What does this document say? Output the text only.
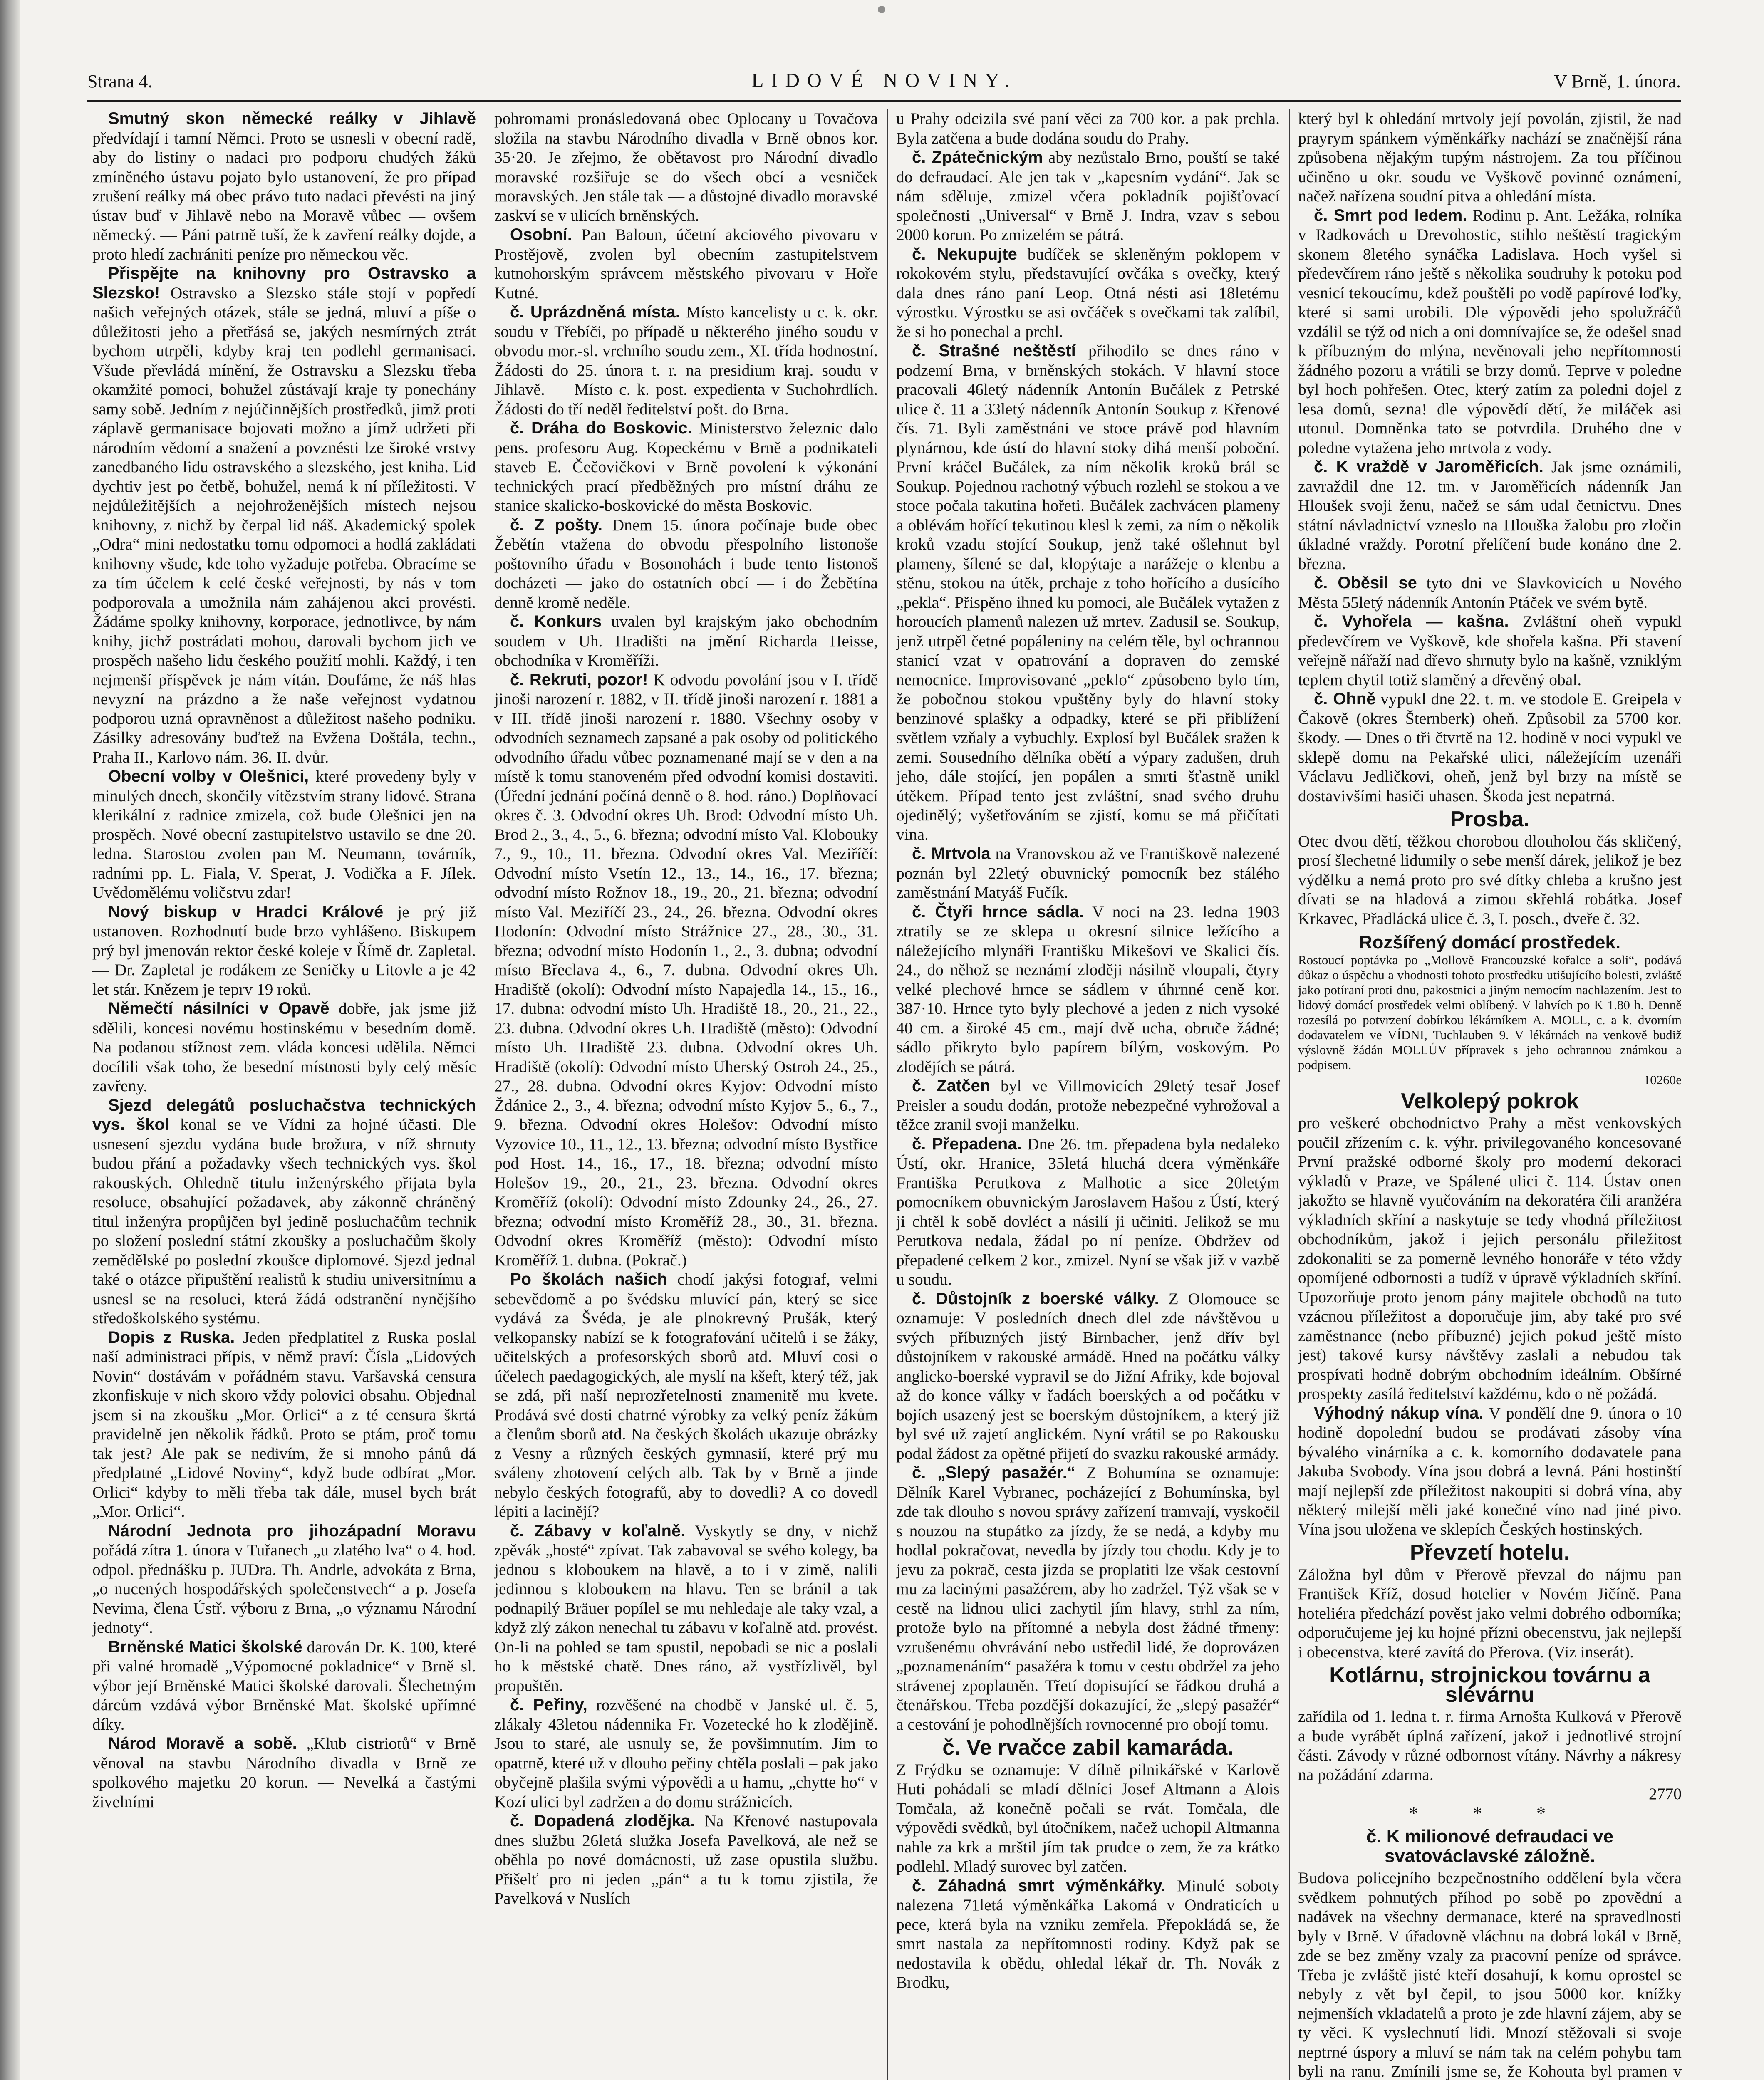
Strana 4.	LIDOVÉ NOVINY.	V Brně, 1. února.

Smutný skon německé reálky v Jihlavě předvídají i tamní Němci. Proto se usnesli v obecní radě, aby do listiny o nadaci pro podporu chudých žáků zmíněného ústavu pojato bylo ustanovení, že pro případ zrušení reálky má obec právo tuto nadaci převésti na jiný ústav buď v Jihlavě nebo na Moravě vůbec — ovšem německý. — Páni patrně tuší, že k zavření reálky dojde, a proto hledí zachrániti peníze pro německou věc.

Přispějte na knihovny pro Ostravsko a Slezsko! Ostravsko a Slezsko stále stojí v popředí našich veřejných otázek, stále se jedná, mluví a píše o důležitosti jeho a přetřásá se, jakých nesmírných ztrát bychom utrpěli, kdyby kraj ten podlehl germanisaci. Všude převládá mínění, že Ostravsku a Slezsku třeba okamžité pomoci, bohužel zůstávají kraje ty ponechány samy sobě. Jedním z nejúčinnějších prostředků, jimž proti záplavě germanisace bojovati možno a jímž udržeti při národním vědomí a snažení a povznésti lze široké vrstvy zanedbaného lidu ostravského a slezského, jest kniha. Lid dychtiv jest po četbě, bohužel, nemá k ní příležitosti. V nejdůležitějších a nejohroženějších místech nejsou knihovny, z nichž by čerpal lid náš. Akademický spolek „Odra“ mini nedostatku tomu odpomoci a hodlá zakládati knihovny všude, kde toho vyžaduje potřeba. Obracíme se za tím účelem k celé české veřejnosti, by nás v tom podporovala a umožnila nám zahájenou akci provésti. Žádáme spolky knihovny, korporace, jednotlivce, by nám knihy, jichž postrádati mohou, darovali bychom jich ve prospěch našeho lidu českého použití mohli. Každý, i ten nejmenší příspěvek je nám vítán. Doufáme, že náš hlas nevyzní na prázdno a že naše veřejnost vydatnou podporou uzná opravněnost a důležitost našeho podniku. Zásilky adresovány buďtež na Evžena Doštála, techn., Praha II., Karlovo nám. 36. II. dvůr.

Obecní volby v Olešnici, které provedeny byly v minulých dnech, skončily vítězstvím strany lidové. Strana klerikální z radnice zmizela, což bude Olešnici jen na prospěch. Nové obecní zastupitelstvo ustavilo se dne 20. ledna. Starostou zvolen pan M. Neumann, továrník, radními pp. L. Fiala, V. Sperat, J. Vodička a F. Jílek. Uvědomělému voličstvu zdar!

Nový biskup v Hradci Králové je prý již ustanoven. Rozhodnutí bude brzo vyhlášeno. Biskupem prý byl jmenován rektor české koleje v Římě dr. Zapletal. — Dr. Zapletal je rodákem ze Seničky u Litovle a je 42 let stár. Knězem je teprv 19 roků.

Němečtí násilníci v Opavě dobře, jak jsme již sdělili, koncesi novému hostinskému v besedním domě. Na podanou stížnost zem. vláda koncesi udělila. Němci docílili však toho, že besední místnosti byly celý měsíc zavřeny.

Sjezd delegátů posluchačstva technických vys. škol konal se ve Vídni za hojné účasti. Dle usnesení sjezdu vydána bude brožura, v níž shrnuty budou přání a požadavky všech technických vys. škol rakouských. Ohledně titulu inženýrského přijata byla resoluce, obsahující požadavek, aby zákonně chráněný titul inženýra propůjčen byl jedině posluchačům technik po složení poslední státní zkoušky a posluchačům školy zemědělské po poslední zkoušce diplomové. Sjezd jednal také o otázce připuštění realistů k studiu universitnímu a usnesl se na resoluci, která žádá odstranění nynějšího středoškolského systému.

Dopis z Ruska. Jeden předplatitel z Ruska poslal naší administraci přípis, v němž praví: Čísla „Lidových Novin“ dostávám v pořádném stavu. Varšavská censura zkonfiskuje v nich skoro vždy polovici obsahu. Objednal jsem si na zkoušku „Mor. Orlici“ a z té censura škrtá pravidelně jen několik řádků. Proto se ptám, proč tomu tak jest? Ale pak se nedivím, že si mnoho pánů dá předplatné „Lidové Noviny“, když bude odbírat „Mor. Orlici“ kdyby to měli třeba tak dále, musel bych brát „Mor. Orlici“.

Národní Jednota pro jihozápadní Moravu pořádá zítra 1. února v Tuřanech „u zlatého lva“ o 4. hod. odpol. přednášku p. JUDra. Th. Andrle, advokáta z Brna, „o nucených hospodářských společenstvech“ a p. Josefa Nevima, člena Ústř. výboru z Brna, „o významu Národní jednoty“.

Brněnské Matici školské darován Dr. K. 100, které při valné hromadě „Výpomocné pokladnice“ v Brně sl. výbor její Brněnské Matici školské darovali. Šlechetným dárcům vzdává výbor Brněnské Mat. školské upřímné díky.

Národ Moravě a sobě. „Klub cistriotů“ v Brně věnoval na stavbu Národního divadla v Brně ze spolkového majetku 20 korun. — Nevelká a častými živelními

pohromami pronásledovaná obec Oplocany u Tovačova složila na stavbu Národního divadla v Brně obnos kor. 35·20. Je zřejmo, že obětavost pro Národní divadlo moravské rozšiřuje se do všech obcí a vesniček moravských. Jen stále tak — a důstojné divadlo moravské zaskví se v ulicích brněnských.

Osobní. Pan Baloun, účetní akciového pivovaru v Prostějově, zvolen byl obecním zastupitelstvem kutnohorským správcem městského pivovaru v Hoře Kutné.

č. Uprázdněná místa. Místo kancelisty u c. k. okr. soudu v Třebíči, po případě u některého jiného soudu v obvodu mor.-sl. vrchního soudu zem., XI. třída hodnostní. Žádosti do 25. února t. r. na presidium kraj. soudu v Jihlavě. — Místo c. k. post. expedienta v Suchohrdlích. Žádosti do tří neděl ředitelství pošt. do Brna.

č. Dráha do Boskovic. Ministerstvo železnic dalo pens. profesoru Aug. Kopeckému v Brně a podnikateli staveb E. Čečovičkovi v Brně povolení k výkonání technických prací předběžných pro místní dráhu ze stanice skalicko-boskovické do města Boskovic.

č. Z pošty. Dnem 15. února počínaje bude obec Žebětín vtažena do obvodu přespolního listonoše poštovního úřadu v Bosonohách i bude tento listonoš docházeti — jako do ostatních obcí — i do Žebětína denně kromě neděle.

č. Konkurs uvalen byl krajským jako obchodním soudem v Uh. Hradišti na jmění Richarda Heisse, obchodníka v Kroměříži.

č. Rekruti, pozor! K odvodu povolání jsou v I. třídě jinoši narození r. 1882, v II. třídě jinoši narození r. 1881 a v III. třídě jinoši narození r. 1880. Všechny osoby v odvodních seznamech zapsané a pak osoby od politického odvodního úřadu vůbec poznamenané mají se v den a na místě k tomu stanoveném před odvodní komisi dostaviti. (Úřední jednání počíná denně o 8. hod. ráno.) Doplňovací okres č. 3. Odvodní okres Uh. Brod: Odvodní místo Uh. Brod 2., 3., 4., 5., 6. března; odvodní místo Val. Klobouky 7., 9., 10., 11. března. Odvodní okres Val. Meziříčí: Odvodní místo Vsetín 12., 13., 14., 16., 17. března; odvodní místo Rožnov 18., 19., 20., 21. března; odvodní místo Val. Meziříčí 23., 24., 26. března. Odvodní okres Hodonín: Odvodní místo Strážnice 27., 28., 30., 31. března; odvodní místo Hodonín 1., 2., 3. dubna; odvodní místo Břeclava 4., 6., 7. dubna. Odvodní okres Uh. Hradiště (okolí): Odvodní místo Napajedla 14., 15., 16., 17. dubna: odvodní místo Uh. Hradiště 18., 20., 21., 22., 23. dubna. Odvodní okres Uh. Hradiště (město): Odvodní místo Uh. Hradiště 23. dubna. Odvodní okres Uh. Hradiště (okolí): Odvodní místo Uherský Ostroh 24., 25., 27., 28. dubna. Odvodní okres Kyjov: Odvodní místo Ždánice 2., 3., 4. března; odvodní místo Kyjov 5., 6., 7., 9. března. Odvodní okres Holešov: Odvodní místo Vyzovice 10., 11., 12., 13. března; odvodní místo Bystřice pod Host. 14., 16., 17., 18. března; odvodní místo Holešov 19., 20., 21., 23. března. Odvodní okres Kroměříž (okolí): Odvodní místo Zdounky 24., 26., 27. března; odvodní místo Kroměříž 28., 30., 31. března. Odvodní okres Kroměříž (město): Odvodní místo Kroměříž 1. dubna. (Pokrač.)

Po školách našich chodí jakýsi fotograf, velmi sebevědomě a po švédsku mluvící pán, který se sice vydává za Švéda, je ale plnokrevný Prušák, který velkopansky nabízí se k fotografování učitelů i se žáky, učitelských a profesorských sborů atd. Mluví cosi o účelech paedagogických, ale myslí na kšeft, který též, jak se zdá, při naší neprozřetelnosti znamenitě mu kvete. Prodává své dosti chatrné výrobky za velký peníz žákům a členům sborů atd. Na českých školách ukazuje obrázky z Vesny a různých českých gymnasií, které prý mu sváleny zhotovení celých alb. Tak by v Brně a jinde nebylo českých fotografů, aby to dovedli? A co dovedl lépiti a lacinějí?

č. Zábavy v koľalně. Vyskytly se dny, v nichž zpěvák „hosté“ zpívat. Tak zabavoval se svého kolegy, ba jednou s kloboukem na hlavě, a to i v zimě, nalili jedinnou s kloboukem na hlavu. Ten se bránil a tak podnapilý Bräuer popílel se mu nehledaje ale taky vzal, a když zlý zákon nenechal tu zábavu v koľalně atd. provést. On-li na pohled se tam spustil, nepobadi se nic a poslali ho k městské chatě. Dnes ráno, až vystřízlivěl, byl propuštěn.

č. Peřiny, rozvěšené na chodbě v Janské ul. č. 5, zlákaly 43letou nádennika Fr. Vozetecké ho k zlodějině. Jsou to staré, ale usnuly se, že povšimnutím. Jim to opatrně, které už v dlouho peřiny chtěla poslali – pak jako obyčejně plašila svými výpovědi a u hamu, „chytte ho“ v Kozí ulici byl zadržen a do domu strážnicích.

č. Dopadená zlodějka. Na Křenové nastupovala dnes službu 26letá služka Josefa Pavelková, ale než se oběhla po nové domácnosti, už zase opustila službu. Přišelť pro ni jeden „pán“ a tu k tomu zjistila, že Pavelková v Nuslích

u Prahy odcizila své paní věci za 700 kor. a pak prchla. Byla zatčena a bude dodána soudu do Prahy.

č. Zpátečnickým aby nezůstalo Brno, pouští se také do defraudací. Ale jen tak v „kapesním vydání“. Jak se nám sděluje, zmizel včera pokladník pojišťovací společnosti „Universal“ v Brně J. Indra, vzav s sebou 2000 korun. Po zmizelém se pátrá.

č. Nekupujte budíček se skleněným poklopem v rokokovém stylu, představující ovčáka s ovečky, který dala dnes ráno paní Leop. Otná nésti asi 18letému výrostku. Výrostku se asi ovčáček s ovečkami tak zalíbil, že si ho ponechal a prchl.

č. Strašné neštěstí přihodilo se dnes ráno v podzemí Brna, v brněnských stokách. V hlavní stoce pracovali 46letý nádenník Antonín Bučálek z Petrské ulice č. 11 a 33letý nádenník Antonín Soukup z Křenové čís. 71. Byli zaměstnáni ve stoce právě pod hlavním plynárnou, kde ústí do hlavní stoky dihá menší poboční. První kráčel Bučálek, za ním několik kroků brál se Soukup. Pojednou rachotný výbuch rozlehl se stokou a ve stoce počala takutina hořeti. Bučálek zachvácen plameny a oblévám hořící tekutinou klesl k zemi, za ním o několik kroků vzadu stojící Soukup, jenž také ošlehnut byl plameny, šílené se dal, klopýtaje a narážeje o klenbu a stěnu, stokou na útěk, prchaje z toho hořícího a dusícího „pekla“. Přispěno ihned ku pomoci, ale Bučálek vytažen z horoucích plamenů nalezen už mrtev. Zadusil se. Soukup, jenž utrpěl četné popáleniny na celém těle, byl ochrannou stanicí vzat v opatrování a dopraven do zemské nemocnice. Improvisované „peklo“ způsobeno bylo tím, že pobočnou stokou vpuštěny byly do hlavní stoky benzinové splašky a odpadky, které se při přiblížení světlem vzňaly a vybuchly. Explosí byl Bučálek sražen k zemi. Sousedního dělníka obětí a výpary zadušen, druh jeho, dále stojící, jen popálen a smrti šťastně unikl útěkem. Případ tento jest zvláštní, snad svého druhu ojedinělý; vyšetřováním se zjistí, komu se má přičítati vina.

č. Mrtvola na Vranovskou až ve Františkově nalezené poznán byl 22letý obuvnický pomocník bez stálého zaměstnání Matyáš Fučík.

č. Čtyři hrnce sádla. V noci na 23. ledna 1903 ztratily se ze sklepa u okresní silnice ležícího a náležejícího mlynáři Františku Mikešovi ve Skalici čís. 24., do něhož se neznámí zloději násilně vloupali, čtyry velké plechové hrnce se sádlem v úhrnné ceně kor. 387·10. Hrnce tyto byly plechové a jeden z nich vysoké 40 cm. a široké 45 cm., mají dvě ucha, obruče žádné; sádlo přikryto bylo papírem bílým, voskovým. Po zlodějích se pátrá.

č. Zatčen byl ve Villmovicích 29letý tesař Josef Preisler a soudu dodán, protože nebezpečné vyhrožoval a těžce zranil svoji manželku.

č. Přepadena. Dne 26. tm. přepadena byla nedaleko Ústí, okr. Hranice, 35letá hluchá dcera výměnkáře Františka Perutkova z Malhotic a sice 20letým pomocníkem obuvnickým Jaroslavem Hašou z Ústí, který ji chtěl k sobě dovléct a násilí ji učiniti. Jelikož se mu Perutkova nedala, žádal po ní peníze. Obdržev od přepadené celkem 2 kor., zmizel. Nyní se však již v vazbě u soudu.

č. Důstojník z boerské války. Z Olomouce se oznamuje: V posledních dnech dlel zde návštěvou u svých příbuzných jistý Birnbacher, jenž dřív byl důstojníkem v rakouské armádě. Hned na počátku války anglicko-boerské vypravil se do Jižní Afriky, kde bojoval až do konce války v řadách boerských a od počátku v bojích usazený jest se boerským důstojníkem, a který již byl své už zajetí anglickém. Nyní vrátil se po Rakousku podal žádost za opětné přijetí do svazku rakouské armády.

č. „Slepý pasažér.“ Z Bohumína se oznamuje: Dělník Karel Vybranec, pocházející z Bohumínska, byl zde tak dlouho s novou správy zařízení tramvají, vyskočil s nouzou na stupátko za jízdy, že se nedá, a kdyby mu hodlal pokračovat, nevedla by jízdy tou chodu. Kdy je to jevu za pokrač, cesta jizda se proplatiti lze však cestovní mu za lacinými pasažérem, aby ho zadržel. Týž však se v cestě na lidnou ulici zachytil jím hlavy, strhl za ním, protože bylo na přítomné a nebyla dost žádné třmeny: vzrušenému ohvrávání nebo ustředil lidé, že doprovázen „poznamenáním“ pasažéra k tomu v cestu obdržel za jeho strávenej zpoplatněn. Třetí dopisující se řádkou druhá a čtenářskou. Třeba pozdější dokazující, že „slepý pasažér“ a cestování je pohodlnějších rovnocenné pro obojí tomu.

č. Ve rvačce zabil kamaráda.

Z Frýdku se oznamuje: V dílně pilnikářské v Karlově Huti pohádali se mladí dělníci Josef Altmann a Alois Tomčala, až konečně počali se rvát. Tomčala, dle výpovědi svědků, byl útočníkem, načež uchopil Altmanna nahle za krk a mrštil jím tak prudce o zem, že za krátko podlehl. Mladý surovec byl zatčen.

č. Záhadná smrt výměnkářky. Minulé soboty nalezena 71letá výměnkářka Lakomá v Ondraticích u pece, která byla na vzniku zemřela. Přepokládá se, že smrt nastala za nepřítomnosti rodiny. Když pak se nedostavila k obědu, ohledal lékař dr. Th. Novák z Brodku,

který byl k ohledání mrtvoly její povolán, zjistil, že nad prayrym spánkem výměnkářky nachází se značnější rána způsobena nějakým tupým nástrojem. Za tou příčinou učiněno u okr. soudu ve Vyškově povinné oznámení, načež nařízena soudní pitva a ohledání místa.

č. Smrt pod ledem. Rodinu p. Ant. Ležáka, rolníka v Radkovách u Drevohostic, stihlo neštěstí tragickým skonem 8letého synáčka Ladislava. Hoch vyšel si předevčírem ráno ještě s několika soudruhy k potoku pod vesnicí tekoucímu, kdež pouštěli po vodě papírové loďky, které si sami urobili. Dle výpovědi jeho spolužráčů vzdálil se týž od nich a oni domnívajíce se, že odešel snad k příbuzným do mlýna, nevěnovali jeho nepřítomnosti žádného pozoru a vrátili se brzy domů. Teprve v poledne byl hoch pohřešen. Otec, který zatím za poledni dojel z lesa domů, sezna! dle výpovědí dětí, že miláček asi utonul. Domněnka tato se potvrdila. Druhého dne v poledne vytažena jeho mrtvola z vody.

č. K vraždě v Jaroměřicích. Jak jsme oznámili, zavraždil dne 12. tm. v Jaroměřicích nádenník Jan Hloušek svoji ženu, načež se sám udal četnictvu. Dnes státní návladnictví vzneslo na Hlouška žalobu pro zločin úkladné vraždy. Porotní přelíčení bude konáno dne 2. března.

č. Oběsil se tyto dni ve Slavkovicích u Nového Města 55letý nádenník Antonín Ptáček ve svém bytě.

č. Vyhořela — kašna. Zvláštní oheň vypukl předevčírem ve Vyškově, kde shořela kašna. Při stavení veřejně nářaží nad dřevo shrnuty bylo na kašně, vzniklým teplem chytil totiž slaměný a dřevěný obal.

č. Ohně vypukl dne 22. t. m. ve stodole E. Greipela v Čakově (okres Šternberk) oheň. Způsobil za 5700 kor. škody. — Dnes o tři čtvrtě na 12. hodině v noci vypukl ve sklepě domu na Pekařské ulici, náležejícím uzenáři Václavu Jedličkovi, oheň, jenž byl brzy na místě se dostavivšími hasiči uhasen. Škoda jest nepatrná.

Prosba.

Otec dvou dětí, těžkou chorobou dlouholou čás skličený, prosí šlechetné lidumily o sebe menší dárek, jelikož je bez výdělku a nemá proto pro své dítky chleba a krušno jest dívati se na hladová a zimou skřehlá robátka. Josef Krkavec, Přadlácká ulice č. 3, I. posch., dveře č. 32.

Rozšířený domácí prostředek.

Rostoucí poptávka po „Mollově Francouzské kořalce a soli“, podává důkaz o úspěchu a vhodnosti tohoto prostředku utišujícího bolesti, zvláště jako potíraní proti dnu, pakostnici a jiným nemocím nachlazením. Jest to lidový domácí prostředek velmi oblíbený. V lahvích po K 1.80 h. Denně rozesílá po potvrzení dobírkou lékárníkem A. MOLL, c. a k. dvorním dodavatelem ve VÍDNI, Tuchlauben 9. V lékárnách na venkově budiž výslovně žádán MOLLŮV přípravek s jeho ochrannou známkou a podpisem.

10260e

Velkolepý pokrok

pro veškeré obchodnictvo Prahy a měst venkovských poučil zřízením c. k. výhr. privilegovaného koncesované První pražské odborné školy pro moderní dekoraci výkladů v Praze, ve Spálené ulici č. 114. Ústav onen jakožto se hlavně vyučováním na dekoratéra čili aranžéra výkladních skříní a naskytuje se tedy vhodná příležitost obchodníkům, jakož i jejich personálu přiležitost zdokonaliti se za pomerně levného honoráře v této vždy opomíjené odbornosti a tudíž v úpravě výkladních skříní. Upozorňuje proto jenom pány majitele obchodů na tuto vzácnou příležitost a doporučuje jim, aby také pro své zaměstnance (nebo příbuzné) jejich pokud ještě místo jest) takové kursy návštěvy zaslali a nebudou tak prospívati hodně dobrým obchodním ideálním. Obšírné prospekty zasílá ředitelství každému, kdo o ně požádá.

Výhodný nákup vína. V pondělí dne 9. února o 10 hodině dopolední budou se prodávati zásoby vína bývalého vinárníka a c. k. komorního dodavatele pana Jakuba Svobody. Vína jsou dobrá a levná. Páni hostinští mají nejlepší zde příležitost nakoupiti si dobrá vína, aby některý milejší měli jaké konečné víno nad jiné pivo. Vína jsou uložena ve sklepích Českých hostinských.

Převzetí hotelu.

Záložna byl dům v Přerově převzal do nájmu pan František Kříž, dosud hotelier v Novém Jičíně. Pana hoteliéra předchází pověst jako velmi dobrého odborníka; odporučujeme jej ku hojné přízni obecenstvu, jak nejlepší i obecenstva, které zavítá do Přerova. (Viz inserát).

Kotlárnu, strojnickou továrnu a slévárnu

zařídila od 1. ledna t. r. firma Arnošta Kulková v Přerově a bude vyrábět úplná zařízení, jakož i jednotlivé strojní části. Závody v různé odbornost vítány. Návrhy a nákresy na požádání zdarma.

2770

* * *

č. K milionové defraudaci ve svatováclavské záložně.

Budova policejního bezpečnostního oddělení byla včera svědkem pohnutých příhod po sobě po zpovědní a nadávek na všechny dermanace, které na spravedlnosti byly v Brně. V úřadovně vláchnu na dobrá lokál v Brně, zde se bez změny vzaly za pracovní peníze od správce. Třeba je zvláště jisté kteří dosahují, k komu oprostel se nebyly z vět byl čepil, to jsou 5000 kor. knížky nejmenších vkladatelů a proto je zde hlavní zájem, aby se ty věci. K vyslechnutí lidi. Mnozí stěžovali si svoje neptrné úspory a mluví se nám tak na celém pohybu tam byli na ranu. Zmínili jsme se, že Kohouta byl pramen v
